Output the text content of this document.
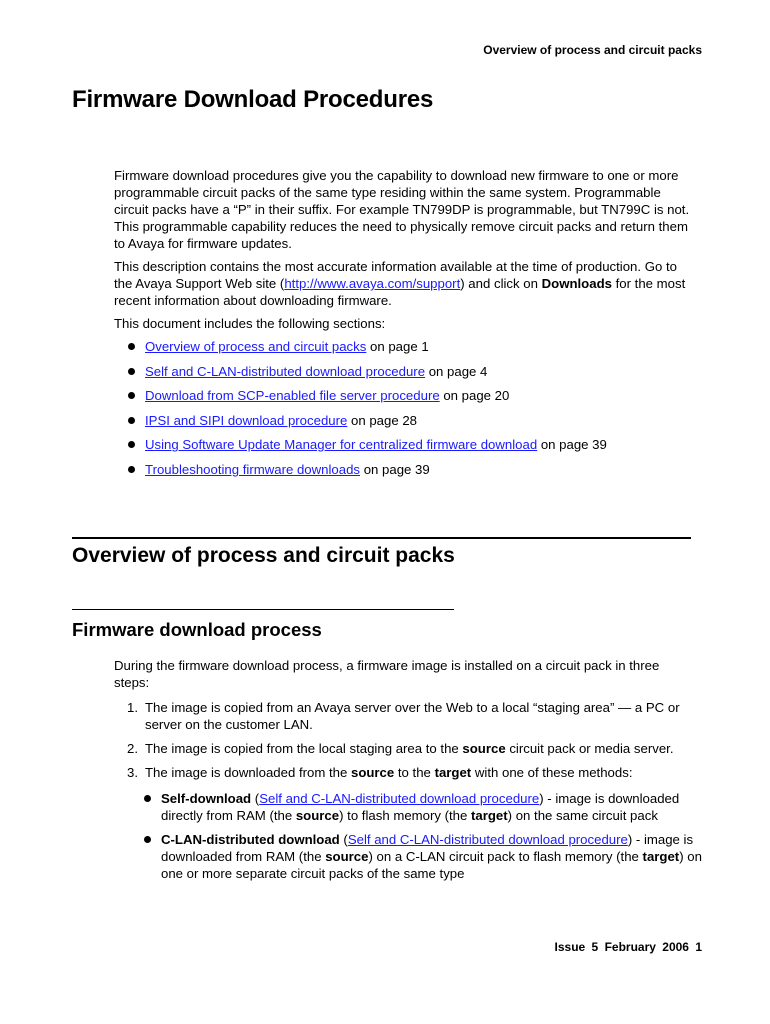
Overview of process and circuit packs
Firmware Download Procedures

Firmware download procedures give you the capability to download new firmware to one or more programmable circuit packs of the same type residing within the same system. Programmable circuit packs have a “P” in their suffix. For example TN799DP is programmable, but TN799C is not. This programmable capability reduces the need to physically remove circuit packs and return them to Avaya for firmware updates.

This description contains the most accurate information available at the time of production. Go to the Avaya Support Web site (http://www.avaya.com/support) and click on Downloads for the most recent information about downloading firmware.

This document includes the following sections:

Overview of process and circuit packs on page 1
Self and C-LAN-distributed download procedure on page 4
Download from SCP-enabled file server procedure on page 20
IPSI and SIPI download procedure on page 28
Using Software Update Manager for centralized firmware download on page 39
Troubleshooting firmware downloads on page 39
Overview of process and circuit packs
Firmware download process

During the firmware download process, a firmware image is installed on a circuit pack in three steps:

1. The image is copied from an Avaya server over the Web to a local “staging area” — a PC or server on the customer LAN.
2. The image is copied from the local staging area to the source circuit pack or media server.
3. The image is downloaded from the source to the target with one of these methods:
Self-download (Self and C-LAN-distributed download procedure) - image is downloaded directly from RAM (the source) to flash memory (the target) on the same circuit pack
C-LAN-distributed download (Self and C-LAN-distributed download procedure) - image is downloaded from RAM (the source) on a C-LAN circuit pack to flash memory (the target) on one or more separate circuit packs of the same type
Issue 5 February 2006 1
